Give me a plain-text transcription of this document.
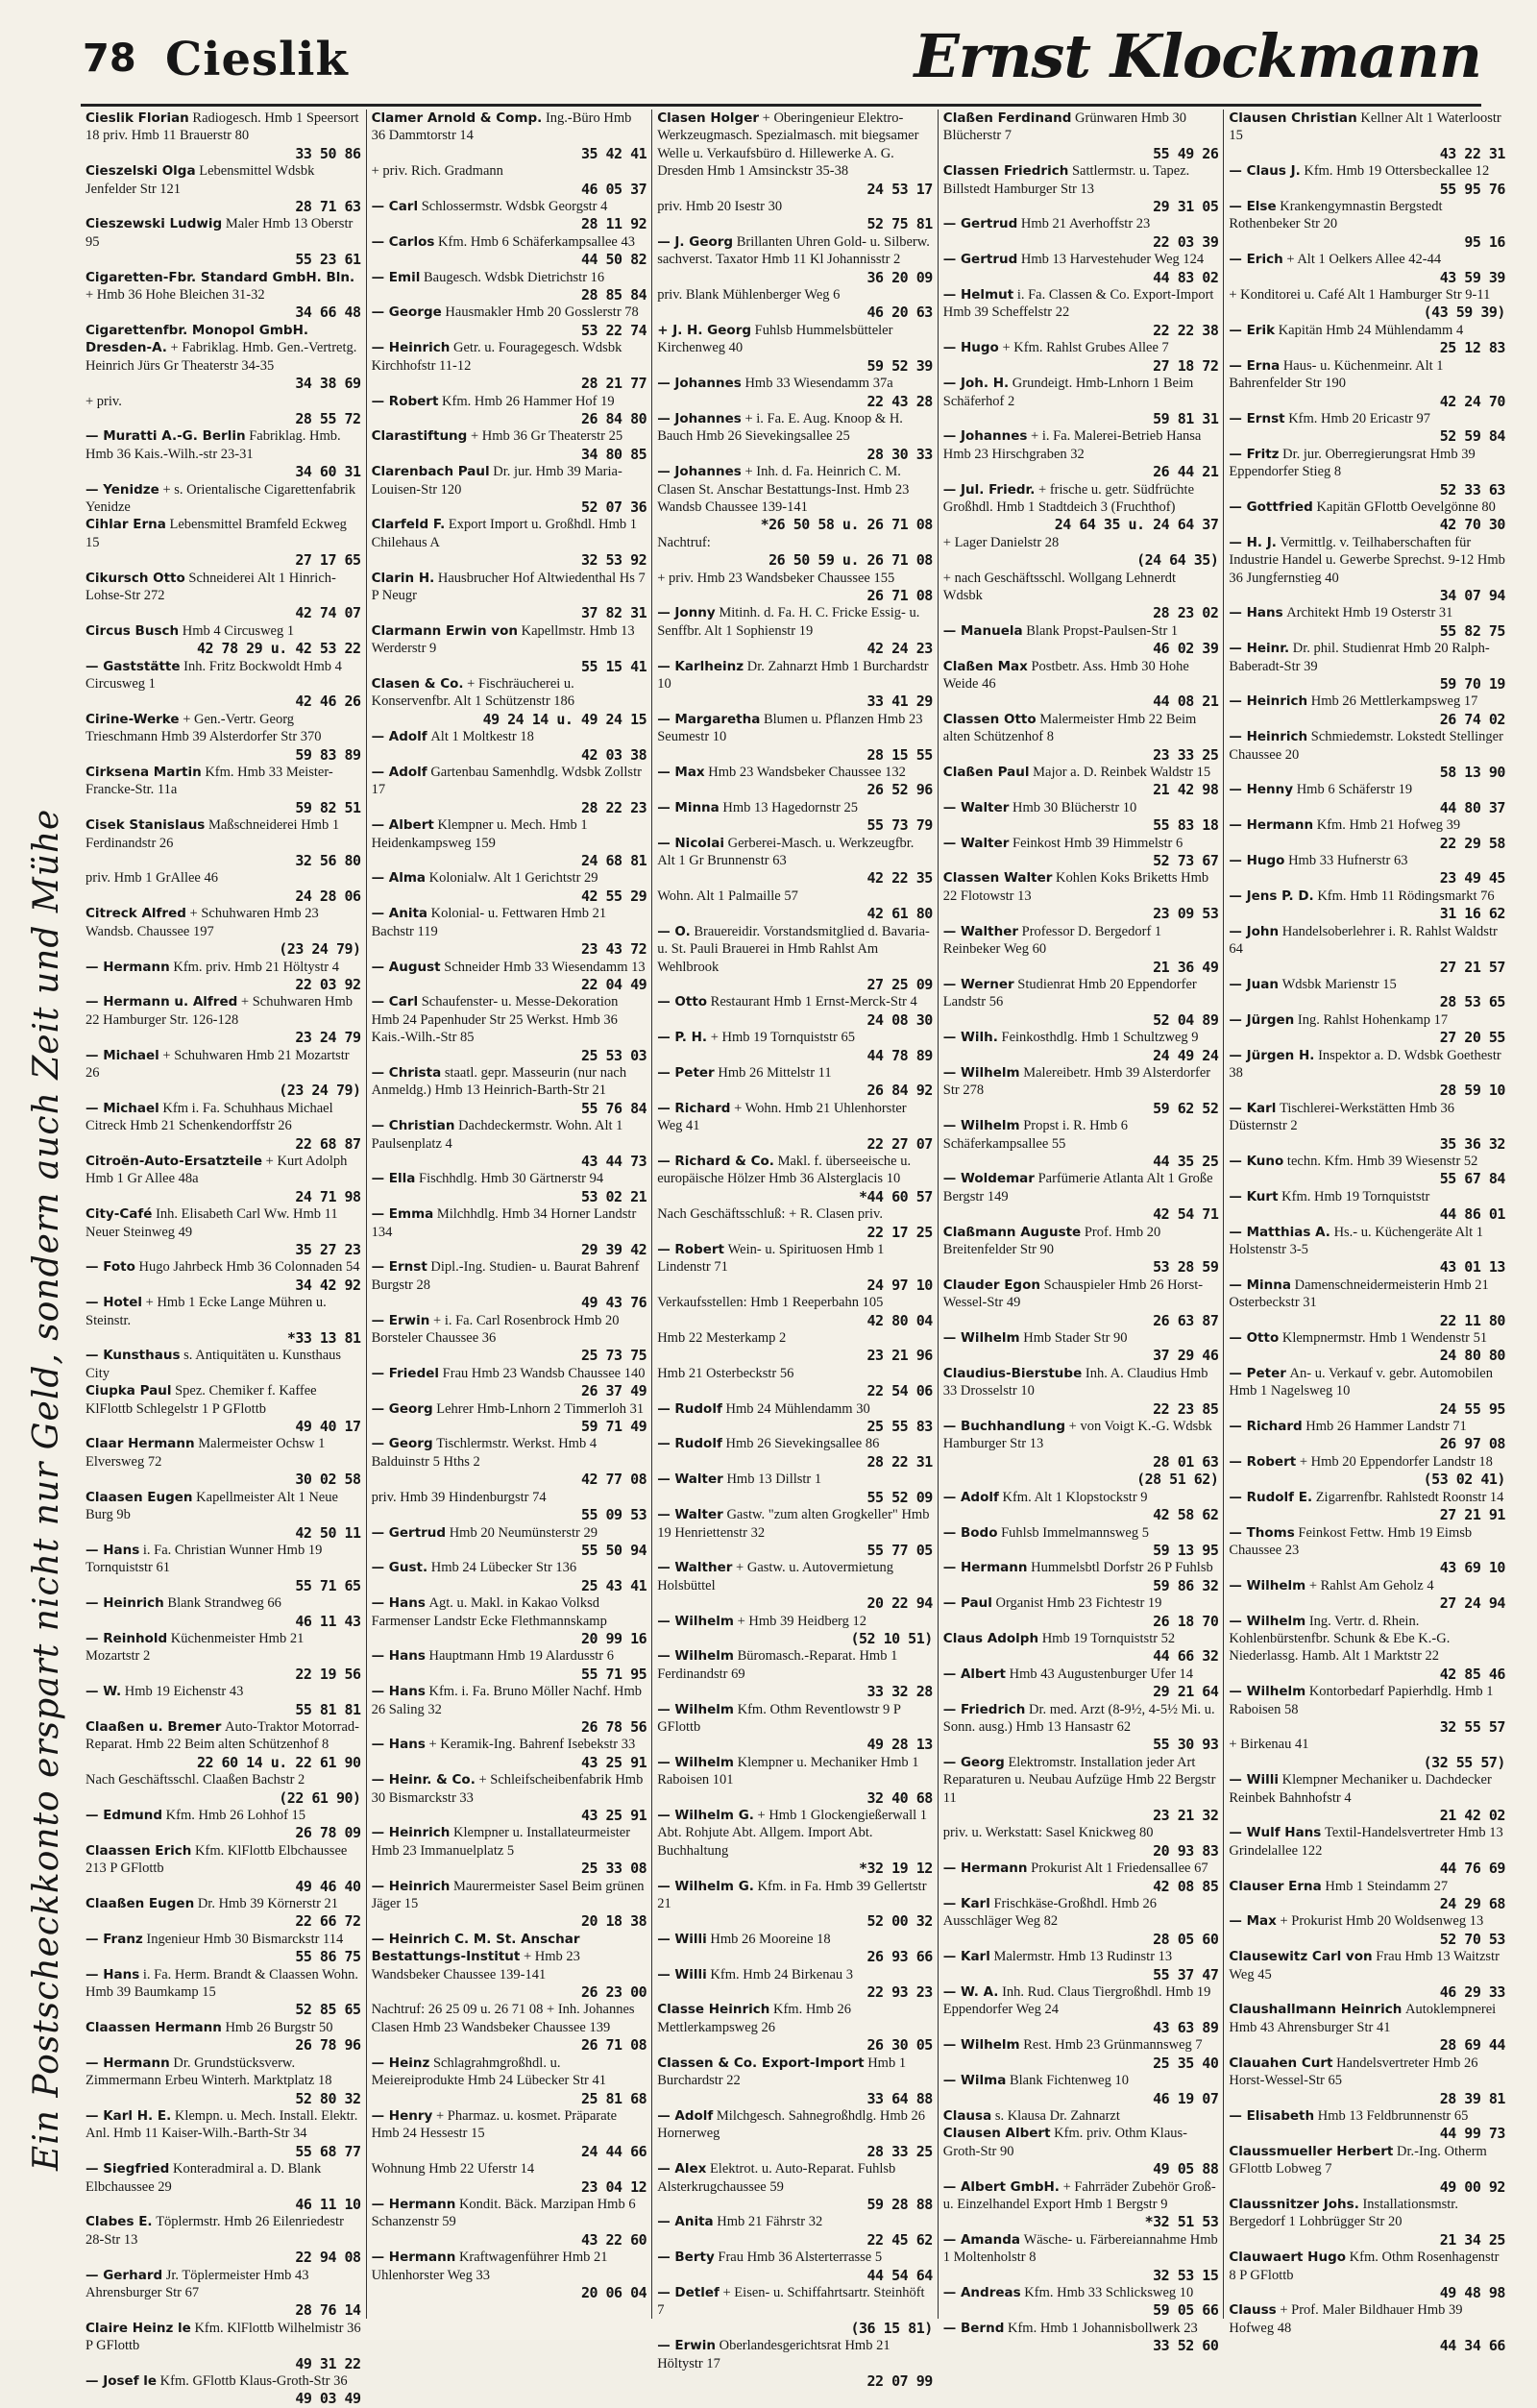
78 Cieslik	Ernst Klockmann
Ein Postscheckkonto erspart nicht nur Geld, sondern auch Zeit und Mühe

Cieslik Florian Radiogesch. Hmb 1 Speersort 18 priv. Hmb 11 Brauerstr 80
33 50 86

Cieszelski Olga Lebensmittel Wdsbk Jenfelder Str 121
28 71 63

Cieszewski Ludwig Maler Hmb 13 Oberstr 95
55 23 61

Cigaretten-Fbr. Standard GmbH. Bln. + Hmb 36 Hohe Bleichen 31-32
34 66 48

Cigarettenfbr. Monopol GmbH. Dresden-A. + Fabriklag. Hmb. Gen.-Vertretg. Heinrich Jürs Gr Theaterstr 34-35
34 38 69

+ priv.
28 55 72

— Muratti A.-G. Berlin Fabriklag. Hmb. Hmb 36 Kais.-Wilh.-str 23-31
34 60 31

— Yenidze + s. Orientalische Cigarettenfabrik Yenidze

Cihlar Erna Lebensmittel Bramfeld Eckweg 15
27 17 65

Cikursch Otto Schneiderei Alt 1 Hinrich-Lohse-Str 272
42 74 07

Circus Busch Hmb 4 Circusweg 1
42 78 29 u. 42 53 22

— Gaststätte Inh. Fritz Bockwoldt Hmb 4 Circusweg 1
42 46 26

Cirine-Werke + Gen.-Vertr. Georg Trieschmann Hmb 39 Alsterdorfer Str 370
59 83 89

Cirksena Martin Kfm. Hmb 33 Meister-Francke-Str. 11a
59 82 51

Cisek Stanislaus Maßschneiderei Hmb 1 Ferdinandstr 26
32 56 80

priv. Hmb 1 GrAllee 46
24 28 06

Citreck Alfred + Schuhwaren Hmb 23 Wandsb. Chaussee 197
(23 24 79)

— Hermann Kfm. priv. Hmb 21 Höltystr 4
22 03 92

— Hermann u. Alfred + Schuhwaren Hmb 22 Hamburger Str. 126-128
23 24 79

— Michael + Schuhwaren Hmb 21 Mozartstr 26
(23 24 79)

— Michael Kfm i. Fa. Schuhhaus Michael Citreck Hmb 21 Schenkendorffstr 26
22 68 87

Citroën-Auto-Ersatzteile + Kurt Adolph Hmb 1 Gr Allee 48a
24 71 98

City-Café Inh. Elisabeth Carl Ww. Hmb 11 Neuer Steinweg 49
35 27 23

— Foto Hugo Jahrbeck Hmb 36 Colonnaden 54
34 42 92

— Hotel + Hmb 1 Ecke Lange Mühren u. Steinstr.
*33 13 81

— Kunsthaus s. Antiquitäten u. Kunsthaus City

Ciupka Paul Spez. Chemiker f. Kaffee KlFlottb Schlegelstr 1 P GFlottb
49 40 17

Claar Hermann Malermeister Ochsw 1 Elversweg 72
30 02 58

Claasen Eugen Kapellmeister Alt 1 Neue Burg 9b
42 50 11

— Hans i. Fa. Christian Wunner Hmb 19 Tornquiststr 61
55 71 65

— Heinrich Blank Strandweg 66
46 11 43

— Reinhold Küchenmeister Hmb 21 Mozartstr 2
22 19 56

— W. Hmb 19 Eichenstr 43
55 81 81

Claaßen u. Bremer Auto-Traktor Motorrad-Reparat. Hmb 22 Beim alten Schützenhof 8
22 60 14 u. 22 61 90

Nach Geschäftsschl. Claaßen Bachstr 2
(22 61 90)

— Edmund Kfm. Hmb 26 Lohhof 15
26 78 09

Claassen Erich Kfm. KlFlottb Elbchaussee 213 P GFlottb
49 46 40

Claaßen Eugen Dr. Hmb 39 Körnerstr 21
22 66 72

— Franz Ingenieur Hmb 30 Bismarckstr 114
55 86 75

— Hans i. Fa. Herm. Brandt & Claassen Wohn. Hmb 39 Baumkamp 15
52 85 65

Claassen Hermann Hmb 26 Burgstr 50
26 78 96

— Hermann Dr. Grundstücksverw. Zimmermann Erbeu Winterh. Marktplatz 18
52 80 32

— Karl H. E. Klempn. u. Mech. Install. Elektr. Anl. Hmb 11 Kaiser-Wilh.-Barth-Str 34
55 68 77

— Siegfried Konteradmiral a. D. Blank Elbchaussee 29
46 11 10

Clabes E. Töplermstr. Hmb 26 Eilenriedestr 28-Str 13
22 94 08

— Gerhard Jr. Töplermeister Hmb 43 Ahrensburger Str 67
28 76 14

Claire Heinz le Kfm. KlFlottb Wilhelmistr 36 P GFlottb
49 31 22

— Josef le Kfm. GFlottb Klaus-Groth-Str 36
49 03 49

Clamer Arnold & Comp. Ing.-Büro Hmb 36 Dammtorstr 14
35 42 41

+ priv. Rich. Gradmann
46 05 37

— Carl Schlossermstr. Wdsbk Georgstr 4
28 11 92

— Carlos Kfm. Hmb 6 Schäferkampsallee 43
44 50 82

— Emil Baugesch. Wdsbk Dietrichstr 16
28 85 84

— George Hausmakler Hmb 20 Gosslerstr 78
53 22 74

— Heinrich Getr. u. Fouragegesch. Wdsbk Kirchhofstr 11-12
28 21 77

— Robert Kfm. Hmb 26 Hammer Hof 19
26 84 80

Clarastiftung + Hmb 36 Gr Theaterstr 25
34 80 85

Clarenbach Paul Dr. jur. Hmb 39 Maria-Louisen-Str 120
52 07 36

Clarfeld F. Export Import u. Großhdl. Hmb 1 Chilehaus A
32 53 92

Clarin H. Hausbrucher Hof Altwiedenthal Hs 7 P Neugr
37 82 31

Clarmann Erwin von Kapellmstr. Hmb 13 Werderstr 9
55 15 41

Clasen & Co. + Fischräucherei u. Konservenfbr. Alt 1 Schützenstr 186
49 24 14 u. 49 24 15

— Adolf Alt 1 Moltkestr 18
42 03 38

— Adolf Gartenbau Samenhdlg. Wdsbk Zollstr 17
28 22 23

— Albert Klempner u. Mech. Hmb 1 Heidenkampsweg 159
24 68 81

— Alma Kolonialw. Alt 1 Gerichtstr 29
42 55 29

— Anita Kolonial- u. Fettwaren Hmb 21 Bachstr 119
23 43 72

— August Schneider Hmb 33 Wiesendamm 13
22 04 49

— Carl Schaufenster- u. Messe-Dekoration Hmb 24 Papenhuder Str 25 Werkst. Hmb 36 Kais.-Wilh.-Str 85
25 53 03

— Christa staatl. gepr. Masseurin (nur nach Anmeldg.) Hmb 13 Heinrich-Barth-Str 21
55 76 84

— Christian Dachdeckermstr. Wohn. Alt 1 Paulsenplatz 4
43 44 73

— Ella Fischhdlg. Hmb 30 Gärtnerstr 94
53 02 21

— Emma Milchhdlg. Hmb 34 Horner Landstr 134
29 39 42

— Ernst Dipl.-Ing. Studien- u. Baurat Bahrenf Burgstr 28
49 43 76

— Erwin + i. Fa. Carl Rosenbrock Hmb 20 Borsteler Chaussee 36
25 73 75

— Friedel Frau Hmb 23 Wandsb Chaussee 140
26 37 49

— Georg Lehrer Hmb-Lnhorn 2 Timmerloh 31
59 71 49

— Georg Tischlermstr. Werkst. Hmb 4 Balduinstr 5 Hths 2
42 77 08

priv. Hmb 39 Hindenburgstr 74
55 09 53

— Gertrud Hmb 20 Neumünsterstr 29
55 50 94

— Gust. Hmb 24 Lübecker Str 136
25 43 41

— Hans Agt. u. Makl. in Kakao Volksd Farmenser Landstr Ecke Flethmannskamp
20 99 16

— Hans Hauptmann Hmb 19 Alardusstr 6
55 71 95

— Hans Kfm. i. Fa. Bruno Möller Nachf. Hmb 26 Saling 32
26 78 56

— Hans + Keramik-Ing. Bahrenf Isebekstr 33
43 25 91

— Heinr. & Co. + Schleifscheibenfabrik Hmb 30 Bismarckstr 33
43 25 91

— Heinrich Klempner u. Installateurmeister Hmb 23 Immanuelplatz 5
25 33 08

— Heinrich Maurermeister Sasel Beim grünen Jäger 15
20 18 38

— Heinrich C. M. St. Anschar Bestattungs-Institut + Hmb 23 Wandsbeker Chaussee 139-141
26 23 00

Nachtruf: 26 25 09 u. 26 71 08 + Inh. Johannes Clasen Hmb 23 Wandsbeker Chaussee 139
26 71 08

— Heinz Schlagrahmgroßhdl. u. Meiereiprodukte Hmb 24 Lübecker Str 41
25 81 68

— Henry + Pharmaz. u. kosmet. Präparate Hmb 24 Hessestr 15
24 44 66

Wohnung Hmb 22 Uferstr 14
23 04 12

— Hermann Kondit. Bäck. Marzipan Hmb 6 Schanzenstr 59
43 22 60

— Hermann Kraftwagenführer Hmb 21 Uhlenhorster Weg 33
20 06 04

Clasen Holger + Oberingenieur Elektro-Werkzeugmasch. Spezialmasch. mit biegsamer Welle u. Verkaufsbüro d. Hillewerke A. G. Dresden Hmb 1 Amsinckstr 35-38
24 53 17

priv. Hmb 20 Isestr 30
52 75 81

— J. Georg Brillanten Uhren Gold- u. Silberw. sachverst. Taxator Hmb 11 Kl Johannisstr 2
36 20 09

priv. Blank Mühlenberger Weg 6
46 20 63

+ J. H. Georg Fuhlsb Hummelsbütteler Kirchenweg 40
59 52 39

— Johannes Hmb 33 Wiesendamm 37a
22 43 28

— Johannes + i. Fa. E. Aug. Knoop & H. Bauch Hmb 26 Sievekingsallee 25
28 30 33

— Johannes + Inh. d. Fa. Heinrich C. M. Clasen St. Anschar Bestattungs-Inst. Hmb 23 Wandsb Chaussee 139-141
*26 50 58 u. 26 71 08

Nachtruf:
26 50 59 u. 26 71 08

+ priv. Hmb 23 Wandsbeker Chaussee 155
26 71 08

— Jonny Mitinh. d. Fa. H. C. Fricke Essig- u. Senffbr. Alt 1 Sophienstr 19
42 24 23

— Karlheinz Dr. Zahnarzt Hmb 1 Burchardstr 10
33 41 29

— Margaretha Blumen u. Pflanzen Hmb 23 Seumestr 10
28 15 55

— Max Hmb 23 Wandsbeker Chaussee 132
26 52 96

— Minna Hmb 13 Hagedornstr 25
55 73 79

— Nicolai Gerberei-Masch. u. Werkzeugfbr. Alt 1 Gr Brunnenstr 63
42 22 35

Wohn. Alt 1 Palmaille 57
42 61 80

— O. Brauereidir. Vorstandsmitglied d. Bavaria- u. St. Pauli Brauerei in Hmb Rahlst Am Wehlbrook
27 25 09

— Otto Restaurant Hmb 1 Ernst-Merck-Str 4
24 08 30

— P. H. + Hmb 19 Tornquiststr 65
44 78 89

— Peter Hmb 26 Mittelstr 11
26 84 92

— Richard + Wohn. Hmb 21 Uhlenhorster Weg 41
22 27 07

— Richard & Co. Makl. f. überseeische u. europäische Hölzer Hmb 36 Alsterglacis 10
*44 60 57

Nach Geschäftsschluß: + R. Clasen priv.
22 17 25

— Robert Wein- u. Spirituosen Hmb 1 Lindenstr 71
24 97 10

Verkaufsstellen: Hmb 1 Reeperbahn 105
42 80 04

Hmb 22 Mesterkamp 2
23 21 96

Hmb 21 Osterbeckstr 56
22 54 06

— Rudolf Hmb 24 Mühlendamm 30
25 55 83

— Rudolf Hmb 26 Sievekingsallee 86
28 22 31

— Walter Hmb 13 Dillstr 1
55 52 09

— Walter Gastw. "zum alten Grogkeller" Hmb 19 Henriettenstr 32
55 77 05

— Walther + Gastw. u. Autovermietung Holsbüttel
20 22 94

— Wilhelm + Hmb 39 Heidberg 12
(52 10 51)

— Wilhelm Büromasch.-Reparat. Hmb 1 Ferdinandstr 69
33 32 28

— Wilhelm Kfm. Othm Reventlowstr 9 P GFlottb
49 28 13

— Wilhelm Klempner u. Mechaniker Hmb 1 Raboisen 101
32 40 68

— Wilhelm G. + Hmb 1 Glockengießerwall 1 Abt. Rohjute Abt. Allgem. Import Abt. Buchhaltung
*32 19 12

— Wilhelm G. Kfm. in Fa. Hmb 39 Gellertstr 21
52 00 32

— Willi Hmb 26 Mooreine 18
26 93 66

— Willi Kfm. Hmb 24 Birkenau 3
22 93 23

Classe Heinrich Kfm. Hmb 26 Mettlerkampsweg 26
26 30 05

Classen & Co. Export-Import Hmb 1 Burchardstr 22
33 64 88

— Adolf Milchgesch. Sahnegroßhdlg. Hmb 26 Hornerweg
28 33 25

— Alex Elektrot. u. Auto-Reparat. Fuhlsb Alsterkrugchaussee 59
59 28 88

— Anita Hmb 21 Fährstr 32
22 45 62

— Berty Frau Hmb 36 Alsterterrasse 5
44 54 64

— Detlef + Eisen- u. Schiffahrtsartr. Steinhöft 7
(36 15 81)

— Erwin Oberlandesgerichtsrat Hmb 21 Höltystr 17
22 07 99

Claßen Ferdinand Grünwaren Hmb 30 Blücherstr 7
55 49 26

Classen Friedrich Sattlermstr. u. Tapez. Billstedt Hamburger Str 13
29 31 05

— Gertrud Hmb 21 Averhoffstr 23
22 03 39

— Gertrud Hmb 13 Harvestehuder Weg 124
44 83 02

— Helmut i. Fa. Classen & Co. Export-Import Hmb 39 Scheffelstr 22
22 22 38

— Hugo + Kfm. Rahlst Grubes Allee 7
27 18 72

— Joh. H. Grundeigt. Hmb-Lnhorn 1 Beim Schäferhof 2
59 81 31

— Johannes + i. Fa. Malerei-Betrieb Hansa Hmb 23 Hirschgraben 32
26 44 21

— Jul. Friedr. + frische u. getr. Südfrüchte Großhdl. Hmb 1 Stadtdeich 3 (Fruchthof)
24 64 35 u. 24 64 37

+ Lager Danielstr 28
(24 64 35)

+ nach Geschäftsschl. Wollgang Lehnerdt Wdsbk
28 23 02

— Manuela Blank Propst-Paulsen-Str 1
46 02 39

Claßen Max Postbetr. Ass. Hmb 30 Hohe Weide 46
44 08 21

Classen Otto Malermeister Hmb 22 Beim alten Schützenhof 8
23 33 25

Claßen Paul Major a. D. Reinbek Waldstr 15
21 42 98

— Walter Hmb 30 Blücherstr 10
55 83 18

— Walter Feinkost Hmb 39 Himmelstr 6
52 73 67

Classen Walter Kohlen Koks Briketts Hmb 22 Flotowstr 13
23 09 53

— Walther Professor D. Bergedorf 1 Reinbeker Weg 60
21 36 49

— Werner Studienrat Hmb 20 Eppendorfer Landstr 56
52 04 89

— Wilh. Feinkosthdlg. Hmb 1 Schultzweg 9
24 49 24

— Wilhelm Malereibetr. Hmb 39 Alsterdorfer Str 278
59 62 52

— Wilhelm Propst i. R. Hmb 6 Schäferkampsallee 55
44 35 25

— Woldemar Parfümerie Atlanta Alt 1 Große Bergstr 149
42 54 71

Claßmann Auguste Prof. Hmb 20 Breitenfelder Str 90
53 28 59

Clauder Egon Schauspieler Hmb 26 Horst-Wessel-Str 49
26 63 87

— Wilhelm Hmb Stader Str 90
37 29 46

Claudius-Bierstube Inh. A. Claudius Hmb 33 Drosselstr 10
22 23 85

— Buchhandlung + von Voigt K.-G. Wdsbk Hamburger Str 13
28 01 63

(28 51 62)

— Adolf Kfm. Alt 1 Klopstockstr 9
42 58 62

— Bodo Fuhlsb Immelmannsweg 5
59 13 95

— Hermann Hummelsbtl Dorfstr 26 P Fuhlsb
59 86 32

— Paul Organist Hmb 23 Fichtestr 19
26 18 70

Claus Adolph Hmb 19 Tornquiststr 52
44 66 32

— Albert Hmb 43 Augustenburger Ufer 14
29 21 64

— Friedrich Dr. med. Arzt (8-9½, 4-5½ Mi. u. Sonn. ausg.) Hmb 13 Hansastr 62
55 30 93

— Georg Elektromstr. Installation jeder Art Reparaturen u. Neubau Aufzüge Hmb 22 Bergstr 11
23 21 32

priv. u. Werkstatt: Sasel Knickweg 80
20 93 83

— Hermann Prokurist Alt 1 Friedensallee 67
42 08 85

— Karl Frischkäse-Großhdl. Hmb 26 Ausschläger Weg 82
28 05 60

— Karl Malermstr. Hmb 13 Rudinstr 13
55 37 47

— W. A. Inh. Rud. Claus Tiergroßhdl. Hmb 19 Eppendorfer Weg 24
43 63 89

— Wilhelm Rest. Hmb 23 Grünmannsweg 7
25 35 40

— Wilma Blank Fichtenweg 10
46 19 07

Clausa s. Klausa Dr. Zahnarzt

Clausen Albert Kfm. priv. Othm Klaus-Groth-Str 90
49 05 88

— Albert GmbH. + Fahrräder Zubehör Groß- u. Einzelhandel Export Hmb 1 Bergstr 9
*32 51 53

— Amanda Wäsche- u. Färbereiannahme Hmb 1 Moltenholstr 8
32 53 15

— Andreas Kfm. Hmb 33 Schlicksweg 10
59 05 66

— Bernd Kfm. Hmb 1 Johannisbollwerk 23
33 52 60

Clausen Christian Kellner Alt 1 Waterloostr 15
43 22 31

— Claus J. Kfm. Hmb 19 Ottersbeckallee 12
55 95 76

— Else Krankengymnastin Bergstedt Rothenbeker Str 20
95 16

— Erich + Alt 1 Oelkers Allee 42-44
43 59 39

+ Konditorei u. Café Alt 1 Hamburger Str 9-11
(43 59 39)

— Erik Kapitän Hmb 24 Mühlendamm 4
25 12 83

— Erna Haus- u. Küchenmeinr. Alt 1 Bahrenfelder Str 190
42 24 70

— Ernst Kfm. Hmb 20 Ericastr 97
52 59 84

— Fritz Dr. jur. Oberregierungsrat Hmb 39 Eppendorfer Stieg 8
52 33 63

— Gottfried Kapitän GFlottb Oevelgönne 80
42 70 30

— H. J. Vermittlg. v. Teilhaberschaften für Industrie Handel u. Gewerbe Sprechst. 9-12 Hmb 36 Jungfernstieg 40
34 07 94

— Hans Architekt Hmb 19 Osterstr 31
55 82 75

— Heinr. Dr. phil. Studienrat Hmb 20 Ralph-Baberadt-Str 39
59 70 19

— Heinrich Hmb 26 Mettlerkampsweg 17
26 74 02

— Heinrich Schmiedemstr. Lokstedt Stellinger Chaussee 20
58 13 90

— Henny Hmb 6 Schäferstr 19
44 80 37

— Hermann Kfm. Hmb 21 Hofweg 39
22 29 58

— Hugo Hmb 33 Hufnerstr 63
23 49 45

— Jens P. D. Kfm. Hmb 11 Rödingsmarkt 76
31 16 62

— John Handelsoberlehrer i. R. Rahlst Waldstr 64
27 21 57

— Juan Wdsbk Marienstr 15
28 53 65

— Jürgen Ing. Rahlst Hohenkamp 17
27 20 55

— Jürgen H. Inspektor a. D. Wdsbk Goethestr 38
28 59 10

— Karl Tischlerei-Werkstätten Hmb 36 Düsternstr 2
35 36 32

— Kuno techn. Kfm. Hmb 39 Wiesenstr 52
55 67 84

— Kurt Kfm. Hmb 19 Tornquiststr
44 86 01

— Matthias A. Hs.- u. Küchengeräte Alt 1 Holstenstr 3-5
43 01 13

— Minna Damenschneidermeisterin Hmb 21 Osterbeckstr 31
22 11 80

— Otto Klempnermstr. Hmb 1 Wendenstr 51
24 80 80

— Peter An- u. Verkauf v. gebr. Automobilen Hmb 1 Nagelsweg 10
24 55 95

— Richard Hmb 26 Hammer Landstr 71
26 97 08

— Robert + Hmb 20 Eppendorfer Landstr 18
(53 02 41)

— Rudolf E. Zigarrenfbr. Rahlstedt Roonstr 14
27 21 91

— Thoms Feinkost Fettw. Hmb 19 Eimsb Chaussee 23
43 69 10

— Wilhelm + Rahlst Am Geholz 4
27 24 94

— Wilhelm Ing. Vertr. d. Rhein. Kohlenbürstenfbr. Schunk & Ebe K.-G. Niederlassg. Hamb. Alt 1 Marktstr 22
42 85 46

— Wilhelm Kontorbedarf Papierhdlg. Hmb 1 Raboisen 58
32 55 57

+ Birkenau 41
(32 55 57)

— Willi Klempner Mechaniker u. Dachdecker Reinbek Bahnhofstr 4
21 42 02

— Wulf Hans Textil-Handelsvertreter Hmb 13 Grindelallee 122
44 76 69

Clauser Erna Hmb 1 Steindamm 27
24 29 68

— Max + Prokurist Hmb 20 Woldsenweg 13
52 70 53

Clausewitz Carl von Frau Hmb 13 Waitzstr Weg 45
46 29 33

Claushallmann Heinrich Autoklempnerei Hmb 43 Ahrensburger Str 41
28 69 44

Clauahen Curt Handelsvertreter Hmb 26 Horst-Wessel-Str 65
28 39 81

— Elisabeth Hmb 13 Feldbrunnenstr 65
44 99 73

Claussmueller Herbert Dr.-Ing. Otherm GFlottb Lobweg 7
49 00 92

Claussnitzer Johs. Installationsmstr. Bergedorf 1 Lohbrügger Str 20
21 34 25

Clauwaert Hugo Kfm. Othm Rosenhagenstr 8 P GFlottb
49 48 98

Clauss + Prof. Maler Bildhauer Hmb 39 Hofweg 48
44 34 66
